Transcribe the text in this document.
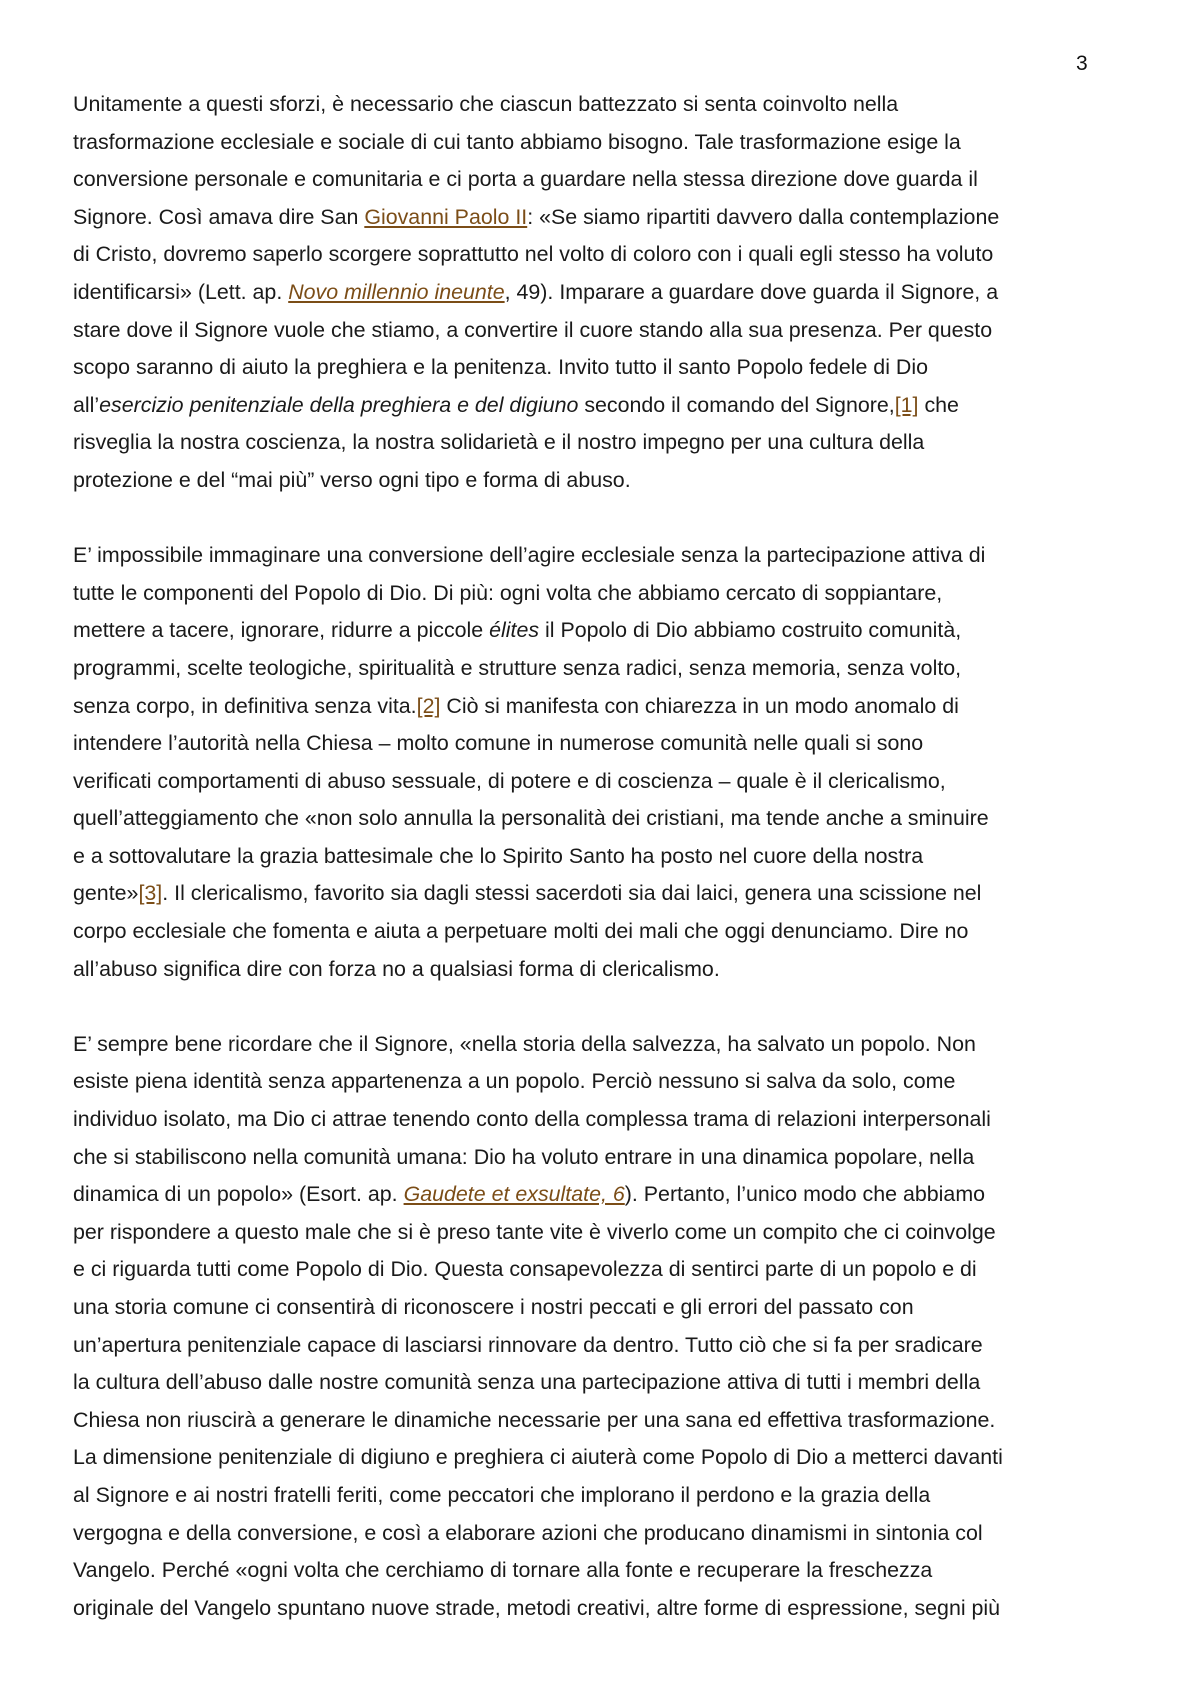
3

Unitamente a questi sforzi, è necessario che ciascun battezzato si senta coinvolto nella
trasformazione ecclesiale e sociale di cui tanto abbiamo bisogno. Tale trasformazione esige la
conversione personale e comunitaria e ci porta a guardare nella stessa direzione dove guarda il
Signore. Così amava dire San Giovanni Paolo II: «Se siamo ripartiti davvero dalla contemplazione
di Cristo, dovremo saperlo scorgere soprattutto nel volto di coloro con i quali egli stesso ha voluto
identificarsi» (Lett. ap. Novo millennio ineunte, 49). Imparare a guardare dove guarda il Signore, a
stare dove il Signore vuole che stiamo, a convertire il cuore stando alla sua presenza. Per questo
scopo saranno di aiuto la preghiera e la penitenza. Invito tutto il santo Popolo fedele di Dio
all’esercizio penitenziale della preghiera e del digiuno secondo il comando del Signore,[1] che
risveglia la nostra coscienza, la nostra solidarietà e il nostro impegno per una cultura della
protezione e del “mai più” verso ogni tipo e forma di abuso.
E’ impossibile immaginare una conversione dell’agire ecclesiale senza la partecipazione attiva di
tutte le componenti del Popolo di Dio. Di più: ogni volta che abbiamo cercato di soppiantare,
mettere a tacere, ignorare, ridurre a piccole élites il Popolo di Dio abbiamo costruito comunità,
programmi, scelte teologiche, spiritualità e strutture senza radici, senza memoria, senza volto,
senza corpo, in definitiva senza vita.[2] Ciò si manifesta con chiarezza in un modo anomalo di
intendere l’autorità nella Chiesa – molto comune in numerose comunità nelle quali si sono
verificati comportamenti di abuso sessuale, di potere e di coscienza – quale è il clericalismo,
quell’atteggiamento che «non solo annulla la personalità dei cristiani, ma tende anche a sminuire
e a sottovalutare la grazia battesimale che lo Spirito Santo ha posto nel cuore della nostra
gente»[3]. Il clericalismo, favorito sia dagli stessi sacerdoti sia dai laici, genera una scissione nel
corpo ecclesiale che fomenta e aiuta a perpetuare molti dei mali che oggi denunciamo. Dire no
all’abuso significa dire con forza no a qualsiasi forma di clericalismo.
E’ sempre bene ricordare che il Signore, «nella storia della salvezza, ha salvato un popolo. Non
esiste piena identità senza appartenenza a un popolo. Perciò nessuno si salva da solo, come
individuo isolato, ma Dio ci attrae tenendo conto della complessa trama di relazioni interpersonali
che si stabiliscono nella comunità umana: Dio ha voluto entrare in una dinamica popolare, nella
dinamica di un popolo» (Esort. ap. Gaudete et exsultate, 6). Pertanto, l’unico modo che abbiamo
per rispondere a questo male che si è preso tante vite è viverlo come un compito che ci coinvolge
e ci riguarda tutti come Popolo di Dio. Questa consapevolezza di sentirci parte di un popolo e di
una storia comune ci consentirà di riconoscere i nostri peccati e gli errori del passato con
un’apertura penitenziale capace di lasciarsi rinnovare da dentro. Tutto ciò che si fa per sradicare
la cultura dell’abuso dalle nostre comunità senza una partecipazione attiva di tutti i membri della
Chiesa non riuscirà a generare le dinamiche necessarie per una sana ed effettiva trasformazione.
La dimensione penitenziale di digiuno e preghiera ci aiuterà come Popolo di Dio a metterci davanti
al Signore e ai nostri fratelli feriti, come peccatori che implorano il perdono e la grazia della
vergogna e della conversione, e così a elaborare azioni che producano dinamismi in sintonia col
Vangelo. Perché «ogni volta che cerchiamo di tornare alla fonte e recuperare la freschezza
originale del Vangelo spuntano nuove strade, metodi creativi, altre forme di espressione, segni più
